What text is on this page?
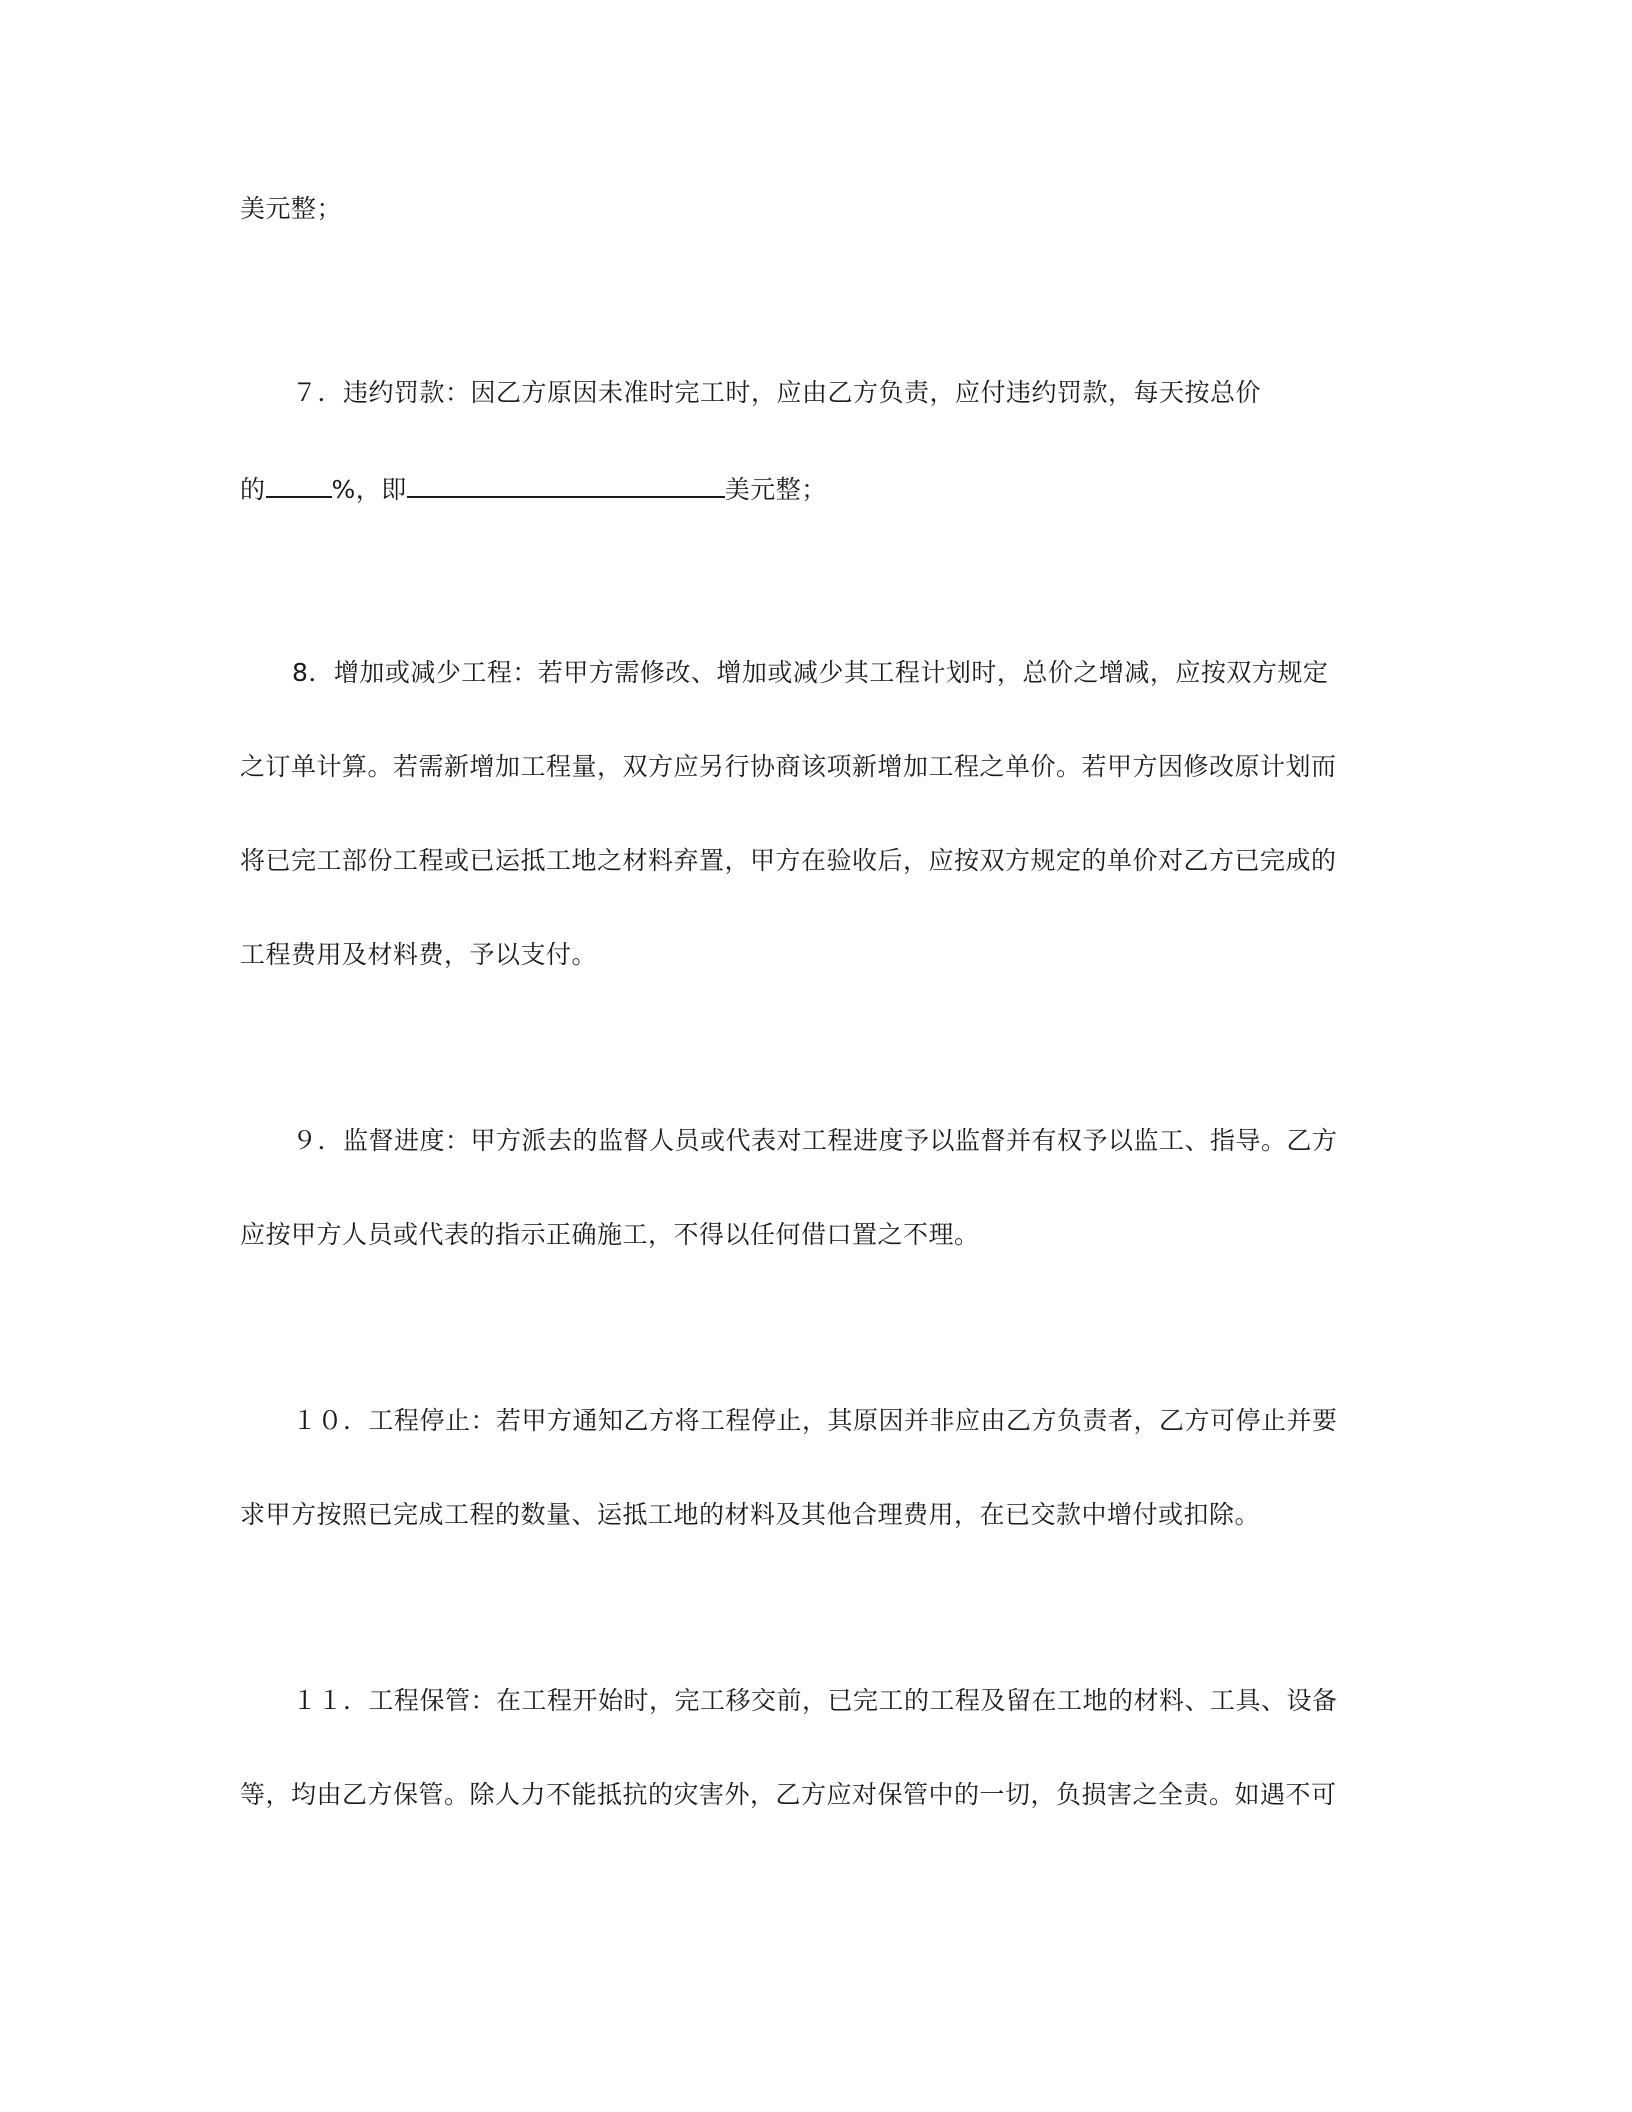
美元整；
７．违约罚款：因乙方原因未准时完工时，应由乙方负责，应付违约罚款，每天按总价
的	%，即	美元整；
8．增加或减少工程：若甲方需修改、增加或减少其工程计划时，总价之增减，应按双方规定
之订单计算。若需新增加工程量，双方应另行协商该项新增加工程之单价。若甲方因修改原计划而
将已完工部份工程或已运抵工地之材料弃置，甲方在验收后，应按双方规定的单价对乙方已完成的
工程费用及材料费，予以支付。
９．监督进度：甲方派去的监督人员或代表对工程进度予以监督并有权予以监工、指导。乙方
应按甲方人员或代表的指示正确施工，不得以任何借口置之不理。
１０．工程停止：若甲方通知乙方将工程停止，其原因并非应由乙方负责者，乙方可停止并要
求甲方按照已完成工程的数量、运抵工地的材料及其他合理费用，在已交款中增付或扣除。
１１．工程保管：在工程开始时，完工移交前，已完工的工程及留在工地的材料、工具、设备
等，均由乙方保管。除人力不能抵抗的灾害外，乙方应对保管中的一切，负损害之全责。如遇不可
